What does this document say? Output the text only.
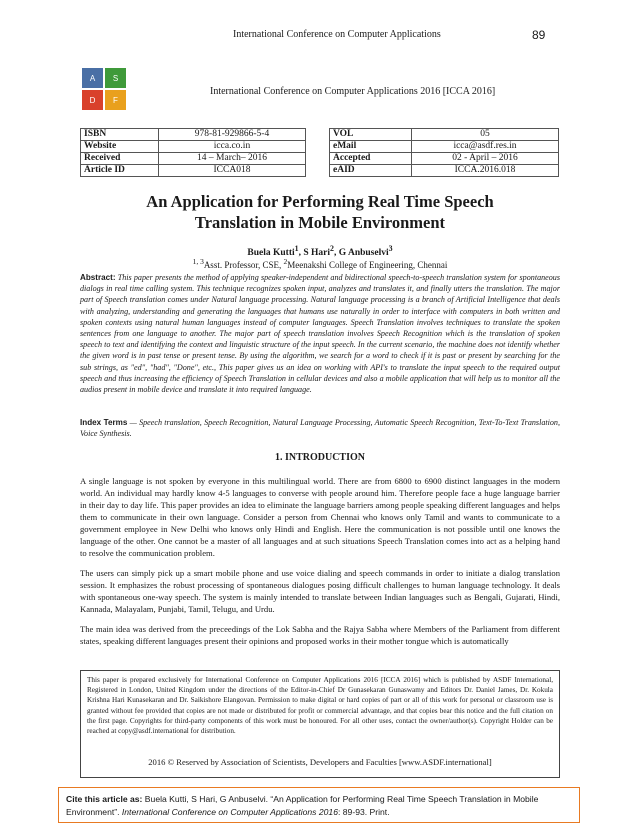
International Conference on Computer Applications	89
A	S
D	F
International Conference on Computer Applications 2016 [ICCA 2016]
ISBN	978-81-929866-5-4
Website	icca.co.in
Received	14 – March– 2016
Article ID	ICCA018
VOL	05
eMail	icca@asdf.res.in
Accepted	02 - April – 2016
eAID	ICCA.2016.018
An Application for Performing Real Time Speech
Translation in Mobile Environment
Buela Kutti$^1$, S Hari$^2$, G Anbuselvi$^3$
$^{1, 3}$Asst. Professor, CSE, $^2$Meenakshi College of Engineering, Chennai
Abstract: This paper presents the method of applying speaker-independent and bidirectional speech-to-speech translation system for spontaneous dialogs in real time calling system. This technique recognizes spoken input, analyzes and translates it, and finally utters the translation. The major part of Speech translation comes under Natural language processing. Natural language processing is a branch of Artificial Intelligence that deals with analyzing, understanding and generating the languages that humans use naturally in order to interface with computers in both written and spoken contexts using natural human languages instead of computer languages. Speech Translation involves techniques to translate the spoken sentences from one language to another. The major part of speech translation involves Speech Recognition which is the translation of spoken speech to text and identifying the context and linguistic structure of the input speech. In the current scenario, the machine does not identify whether the given word is in past tense or present tense. By using the algorithm, we search for a word to check if it is past or present by searching for the sub strings, as "ed", "had", "Done", etc., This paper gives us an idea on working with API's to translate the input speech to the required output speech and thus increasing the efficiency of Speech Translation in cellular devices and also a mobile application that will help us to monitor all the audios present in mobile device and translate it into required language.
Index Terms — Speech translation, Speech Recognition, Natural Language Processing, Automatic Speech Recognition, Text-To-Text Translation, Voice Synthesis.
1. INTRODUCTION

A single language is not spoken by everyone in this multilingual world. There are from 6800 to 6900 distinct languages in the modern world. An individual may hardly know 4-5 languages to converse with people around him. Therefore people face a huge language barrier in their day to day life. This paper provides an idea to eliminate the language barriers among people speaking different languages and helps them to communicate in their own language. Consider a person from Chennai who knows only Tamil and wants to communicate to a government employee in New Delhi who knows only Hindi and English. Here the communication is not possible until one knows the language of the other. One cannot be a master of all languages and at such situations Speech Translation comes into act as a helping hand to resolve the communication problem.

The users can simply pick up a smart mobile phone and use voice dialing and speech commands in order to initiate a dialog translation session. It emphasizes the robust processing of spontaneous dialogues posing difficult challenges to human language technology. It deals with spontaneous one-way speech. The system is mainly intended to translate between Indian languages such as Bengali, Gujarati, Hindi, Kannada, Malayalam, Punjabi, Tamil, Telugu, and Urdu.

The main idea was derived from the preceedings of the Lok Sabha and the Rajya Sabha where Members of the Parliament from different states, speaking different languages present their opinions and proposed works in their mother tongue which is automatically

This paper is prepared exclusively for International Conference on Computer Applications 2016 [ICCA 2016] which is published by ASDF International, Registered in London, United Kingdom under the directions of the Editor-in-Chief Dr Gunasekaran Gunaswamy and Editors Dr. Daniel James, Dr. Kokula Krishna Hari Kunasekaran and Dr. Saikishore Elangovan. Permission to make digital or hard copies of part or all of this work for personal or classroom use is granted without fee provided that copies are not made or distributed for profit or commercial advantage, and that copies bear this notice and the full citation on the first page. Copyrights for third-party components of this work must be honoured. For all other uses, contact the owner/author(s). Copyright Holder can be reached at copy@asdf.international for distribution.
2016 © Reserved by Association of Scientists, Developers and Faculties [www.ASDF.international]
Cite this article as: Buela Kutti, S Hari, G Anbuselvi. “An Application for Performing Real Time Speech Translation in Mobile Environment”. International Conference on Computer Applications 2016: 89-93. Print.
